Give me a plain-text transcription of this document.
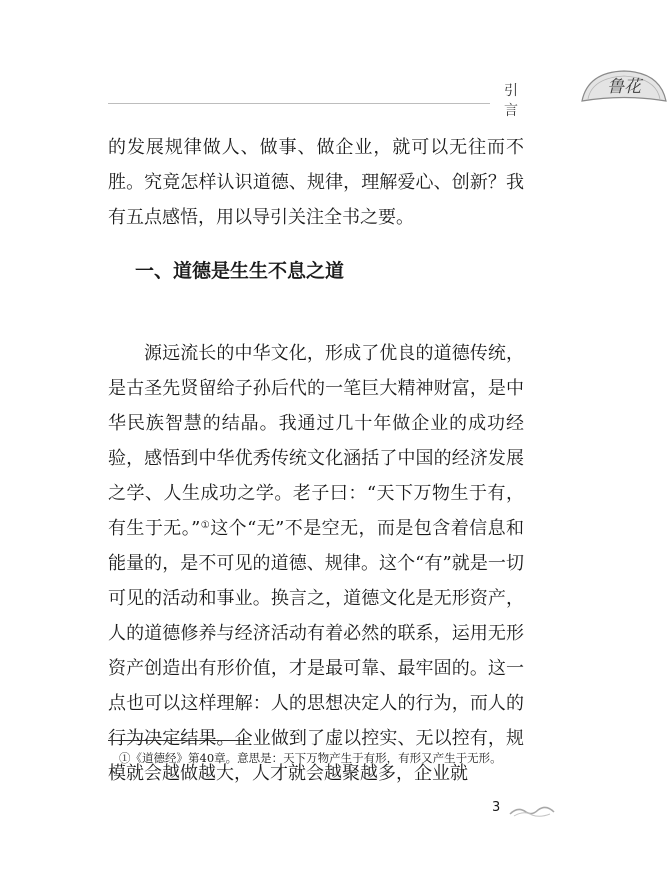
引言
鲁花

的发展规律做人、做事、做企业，就可以无往而不胜。究竟怎样认识道德、规律，理解爱心、创新？我有五点感悟，用以导引关注全书之要。

一、道德是生生不息之道

源远流长的中华文化，形成了优良的道德传统，是古圣先贤留给子孙后代的一笔巨大精神财富，是中华民族智慧的结晶。我通过几十年做企业的成功经验，感悟到中华优秀传统文化涵括了中国的经济发展之学、人生成功之学。老子曰：“天下万物生于有，有生于无。”①这个“无”不是空无，而是包含着信息和能量的，是不可见的道德、规律。这个“有”就是一切可见的活动和事业。换言之，道德文化是无形资产，人的道德修养与经济活动有着必然的联系，运用无形资产创造出有形价值，才是最可靠、最牢固的。这一点也可以这样理解：人的思想决定人的行为，而人的行为决定结果。企业做到了虚以控实、无以控有，规模就会越做越大，人才就会越聚越多，企业就

①《道德经》第40章。意思是：天下万物产生于有形，有形又产生于无形。
3
